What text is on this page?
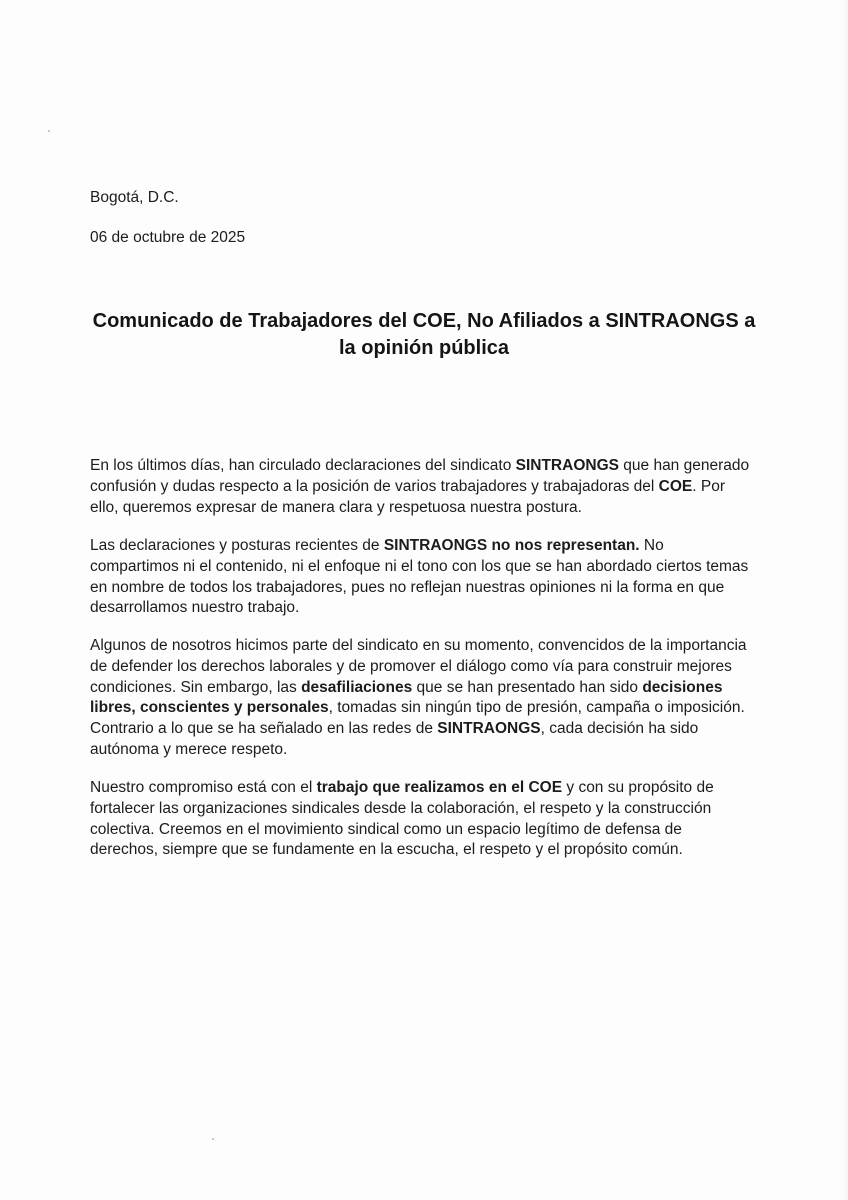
Bogotá, D.C.
06 de octubre de 2025
Comunicado de Trabajadores del COE, No Afiliados a SINTRAONGS a
la opinión pública
En los últimos días, han circulado declaraciones del sindicato SINTRAONGS que han generado
confusión y dudas respecto a la posición de varios trabajadores y trabajadoras del COE. Por
ello, queremos expresar de manera clara y respetuosa nuestra postura.
Las declaraciones y posturas recientes de SINTRAONGS no nos representan. No
compartimos ni el contenido, ni el enfoque ni el tono con los que se han abordado ciertos temas
en nombre de todos los trabajadores, pues no reflejan nuestras opiniones ni la forma en que
desarrollamos nuestro trabajo.
Algunos de nosotros hicimos parte del sindicato en su momento, convencidos de la importancia
de defender los derechos laborales y de promover el diálogo como vía para construir mejores
condiciones. Sin embargo, las desafiliaciones que se han presentado han sido decisiones
libres, conscientes y personales, tomadas sin ningún tipo de presión, campaña o imposición.
Contrario a lo que se ha señalado en las redes de SINTRAONGS, cada decisión ha sido
autónoma y merece respeto.
Nuestro compromiso está con el trabajo que realizamos en el COE y con su propósito de
fortalecer las organizaciones sindicales desde la colaboración, el respeto y la construcción
colectiva. Creemos en el movimiento sindical como un espacio legítimo de defensa de
derechos, siempre que se fundamente en la escucha, el respeto y el propósito común.
